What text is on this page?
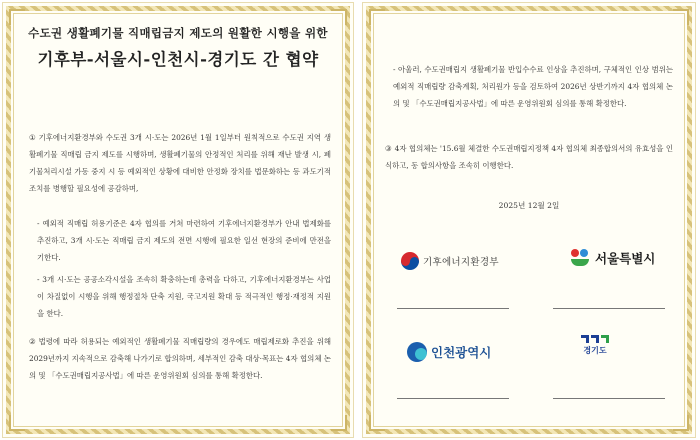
수도권 생활폐기물 직매립금지 제도의 원활한 시행을 위한
기후부-서울시-인천시-경기도 간 협약
① 기후에너지환경부와 수도권 3개 시·도는 2026년 1월 1일부터 원칙적으로 수도권 지역 생활폐기물 직매립 금지 제도를 시행하며, 생활폐기물의 안정적인 처리를 위해 재난 발생 시, 폐기물처리시설 가동 중지 시 등 예외적인 상황에 대비한 안정화 장치를 법문화하는 등 과도기적 조치를 병행할 필요성에 공감하며,
- 예외적 직매립 허용기준은 4자 협의를 거쳐 마련하여 기후에너지환경부가 안내 법제화를 추진하고, 3개 시·도는 직매립 금지 제도의 전면 시행에 필요한 일선 현장의 준비에 만전을 기한다.
- 3개 시·도는 공공소각시설을 조속히 확충하는데 총력을 다하고, 기후에너지환경부는 사업이 차질없이 시행을 위해 행정절차 단축 지원, 국고지원 확대 등 적극적인 행정·재정적 지원을 한다.
② 법령에 따라 허용되는 예외적인 생활폐기물 직매립량의 경우에도 매립제로화 추진을 위해 2029년까지 지속적으로 감축해 나가기로 합의하며, 세부적인 감축 대상·목표는 4자 협의체 논의 및 「수도권매립지공사법」에 따른 운영위원회 심의를 통해 확정한다.
- 아울러, 수도권매립지 생활폐기물 반입수수료 인상을 추진하며, 구체적인 인상 범위는 예외적 직매립량 감축계획, 처리원가 등을 검토하여 2026년 상반기까지 4자 협의체 논의 및 「수도권매립지공사법」에 따른 운영위원회 심의를 통해 확정한다.
③ 4자 협의체는 '15.6월 체결한 수도권매립지정책 4자 협의체 최종합의서의 유효성을 인식하고, 동 합의사항을 조속히 이행한다.
2025년 12월 2일
기후에너지환경부	서울특별시
인천광역시	경기도
